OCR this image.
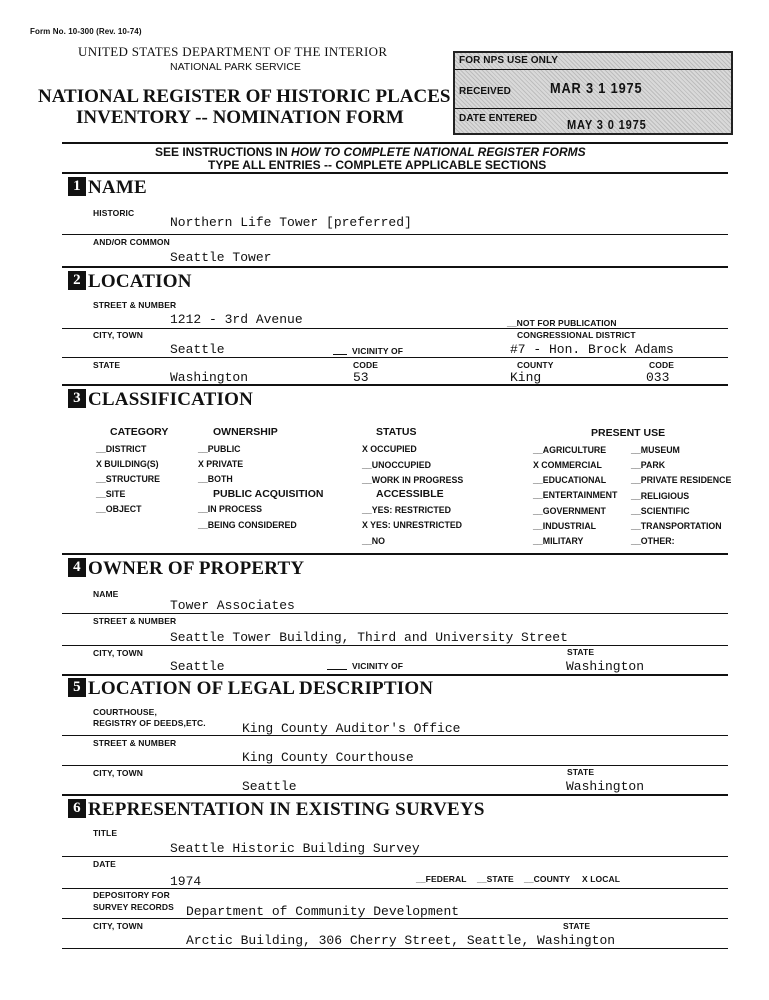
Form No. 10-300 (Rev. 10-74)
UNITED STATES DEPARTMENT OF THE INTERIOR
NATIONAL PARK SERVICE
NATIONAL REGISTER OF HISTORIC PLACES
INVENTORY -- NOMINATION FORM
FOR NPS USE ONLY
RECEIVED	MAR 3 1 1975
DATE ENTERED MAY 3 0 1975
SEE INSTRUCTIONS IN HOW TO COMPLETE NATIONAL REGISTER FORMS
TYPE ALL ENTRIES -- COMPLETE APPLICABLE SECTIONS
1 NAME
HISTORIC
Northern Life Tower [preferred]
AND/OR COMMON
Seattle Tower
2 LOCATION
STREET & NUMBER
1212 - 3rd Avenue	__NOT FOR PUBLICATION
CITY, TOWN	CONGRESSIONAL DISTRICT
Seattle	VICINITY OF	#7 - Hon. Brock Adams
STATE	CODE	COUNTY	CODE
Washington	53	King	033
3 CLASSIFICATION
CATEGORY
__DISTRICT
X BUILDING(S)
__STRUCTURE
__SITE
__OBJECT
OWNERSHIP
__PUBLIC
X PRIVATE
__BOTH
PUBLIC ACQUISITION
__IN PROCESS
__BEING CONSIDERED
STATUS
X OCCUPIED
__UNOCCUPIED
__WORK IN PROGRESS
ACCESSIBLE
__YES: RESTRICTED
X YES: UNRESTRICTED
__NO
PRESENT USE
__AGRICULTURE
X COMMERCIAL
__EDUCATIONAL
__ENTERTAINMENT
__GOVERNMENT
__INDUSTRIAL
__MILITARY
__MUSEUM
__PARK
__PRIVATE RESIDENCE
__RELIGIOUS
__SCIENTIFIC
__TRANSPORTATION
__OTHER:
4 OWNER OF PROPERTY
NAME
Tower Associates
STREET & NUMBER
Seattle Tower Building, Third and University Street
CITY, TOWN	STATE
Seattle	VICINITY OF	Washington
5 LOCATION OF LEGAL DESCRIPTION
COURTHOUSE,
REGISTRY OF DEEDS,ETC.	King County Auditor's Office
STREET & NUMBER
King County Courthouse
CITY, TOWN	STATE
Seattle	Washington
6 REPRESENTATION IN EXISTING SURVEYS
TITLE
Seattle Historic Building Survey
DATE
1974	__FEDERAL __STATE __COUNTY X LOCAL
DEPOSITORY FOR
SURVEY RECORDS Department of Community Development
CITY, TOWN	STATE
Arctic Building, 306 Cherry Street, Seattle, Washington
